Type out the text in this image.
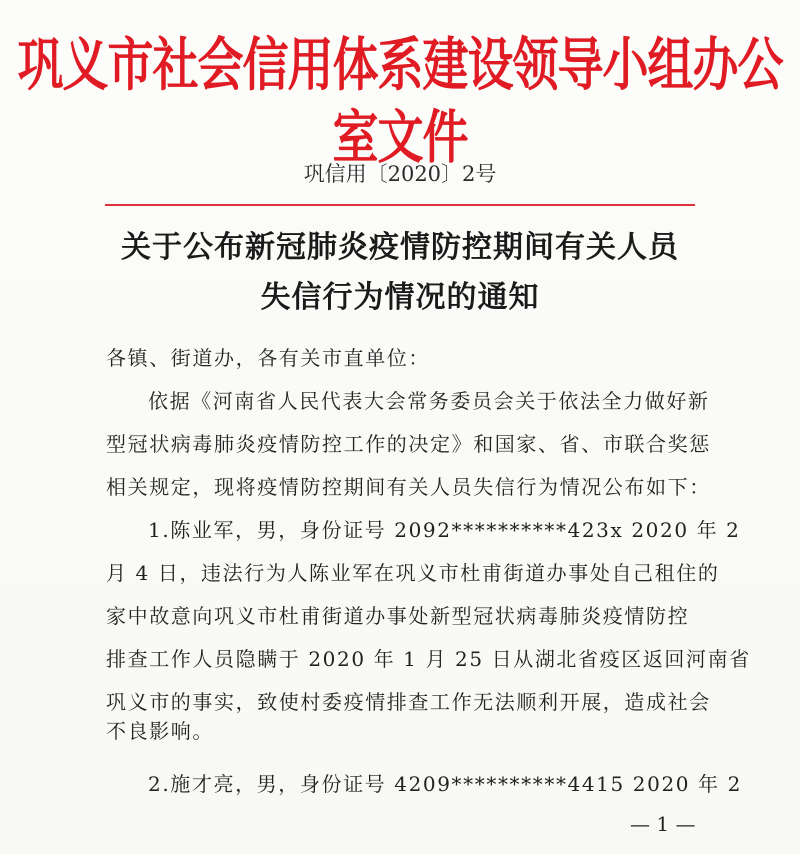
巩义市社会信用体系建设领导小组办公室文件
巩信用〔2020〕2号
关于公布新冠肺炎疫情防控期间有关人员
失信行为情况的通知
各镇、街道办，各有关市直单位：
依据《河南省人民代表大会常务委员会关于依法全力做好新
型冠状病毒肺炎疫情防控工作的决定》和国家、省、市联合奖惩
相关规定，现将疫情防控期间有关人员失信行为情况公布如下：
1.陈业军，男，身份证号 2092**********423x 2020 年 2
月 4 日，违法行为人陈业军在巩义市杜甫街道办事处自己租住的
家中故意向巩义市杜甫街道办事处新型冠状病毒肺炎疫情防控
排查工作人员隐瞒于 2020 年 1 月 25 日从湖北省疫区返回河南省
巩义市的事实，致使村委疫情排查工作无法顺利开展，造成社会
不良影响。
2.施才亮，男，身份证号 4209**********4415 2020 年 2
— 1 —
